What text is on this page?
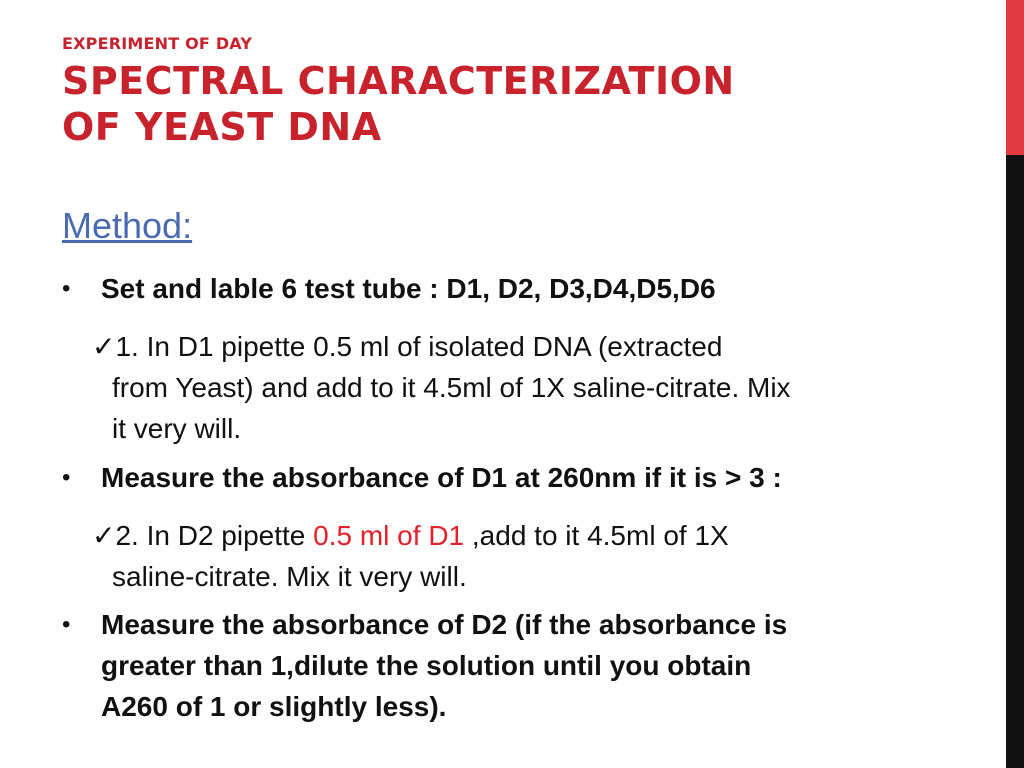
EXPERIMENT OF DAY
SPECTRAL CHARACTERIZATION
OF YEAST DNA
Method:
• Set and lable 6 test tube : D1, D2, D3,D4,D5,D6
✓1. In D1 pipette 0.5 ml of isolated DNA (extracted
from Yeast) and add to it 4.5ml of 1X saline-citrate. Mix
it very will.
• Measure the absorbance of D1 at 260nm if it is > 3 :
✓2. In D2 pipette 0.5 ml of D1 ,add to it 4.5ml of 1X
saline-citrate. Mix it very will.
• Measure the absorbance of D2 (if the absorbance is
greater than 1,dilute the solution until you obtain
A260 of 1 or slightly less).
